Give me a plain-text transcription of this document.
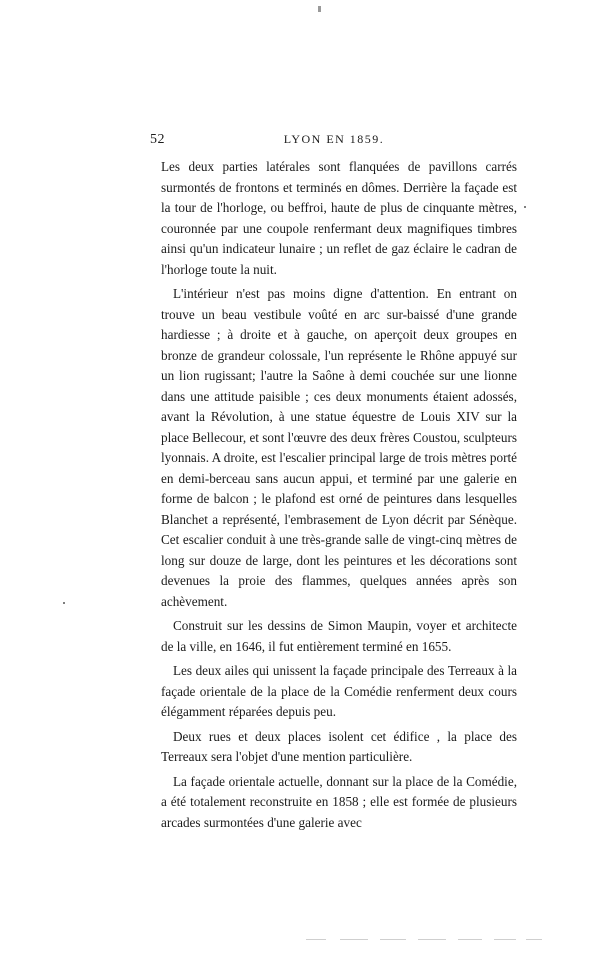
52	LYON EN 1859.

Les deux parties latérales sont flanquées de pavillons carrés surmontés de frontons et terminés en dômes. Derrière la façade est la tour de l'horloge, ou beffroi, haute de plus de cinquante mètres, couronnée par une coupole renfermant deux magnifiques timbres ainsi qu'un indicateur lunaire ; un reflet de gaz éclaire le cadran de l'horloge toute la nuit.

L'intérieur n'est pas moins digne d'attention. En entrant on trouve un beau vestibule voûté en arc sur-baissé d'une grande hardiesse ; à droite et à gauche, on aperçoit deux groupes en bronze de grandeur colossale, l'un représente le Rhône appuyé sur un lion rugissant; l'autre la Saône à demi couchée sur une lionne dans une attitude paisible ; ces deux monuments étaient adossés, avant la Révolution, à une statue équestre de Louis XIV sur la place Bellecour, et sont l'œuvre des deux frères Coustou, sculpteurs lyonnais. A droite, est l'escalier principal large de trois mètres porté en demi-berceau sans aucun appui, et terminé par une galerie en forme de balcon ; le plafond est orné de peintures dans lesquelles Blanchet a représenté, l'embrasement de Lyon décrit par Sénèque. Cet escalier conduit à une très-grande salle de vingt-cinq mètres de long sur douze de large, dont les peintures et les décorations sont devenues la proie des flammes, quelques années après son achèvement.

Construit sur les dessins de Simon Maupin, voyer et architecte de la ville, en 1646, il fut entièrement terminé en 1655.

Les deux ailes qui unissent la façade principale des Terreaux à la façade orientale de la place de la Comédie renferment deux cours élégamment réparées depuis peu.

Deux rues et deux places isolent cet édifice , la place des Terreaux sera l'objet d'une mention particulière.

La façade orientale actuelle, donnant sur la place de la Comédie, a été totalement reconstruite en 1858 ; elle est formée de plusieurs arcades surmontées d'une galerie avec
